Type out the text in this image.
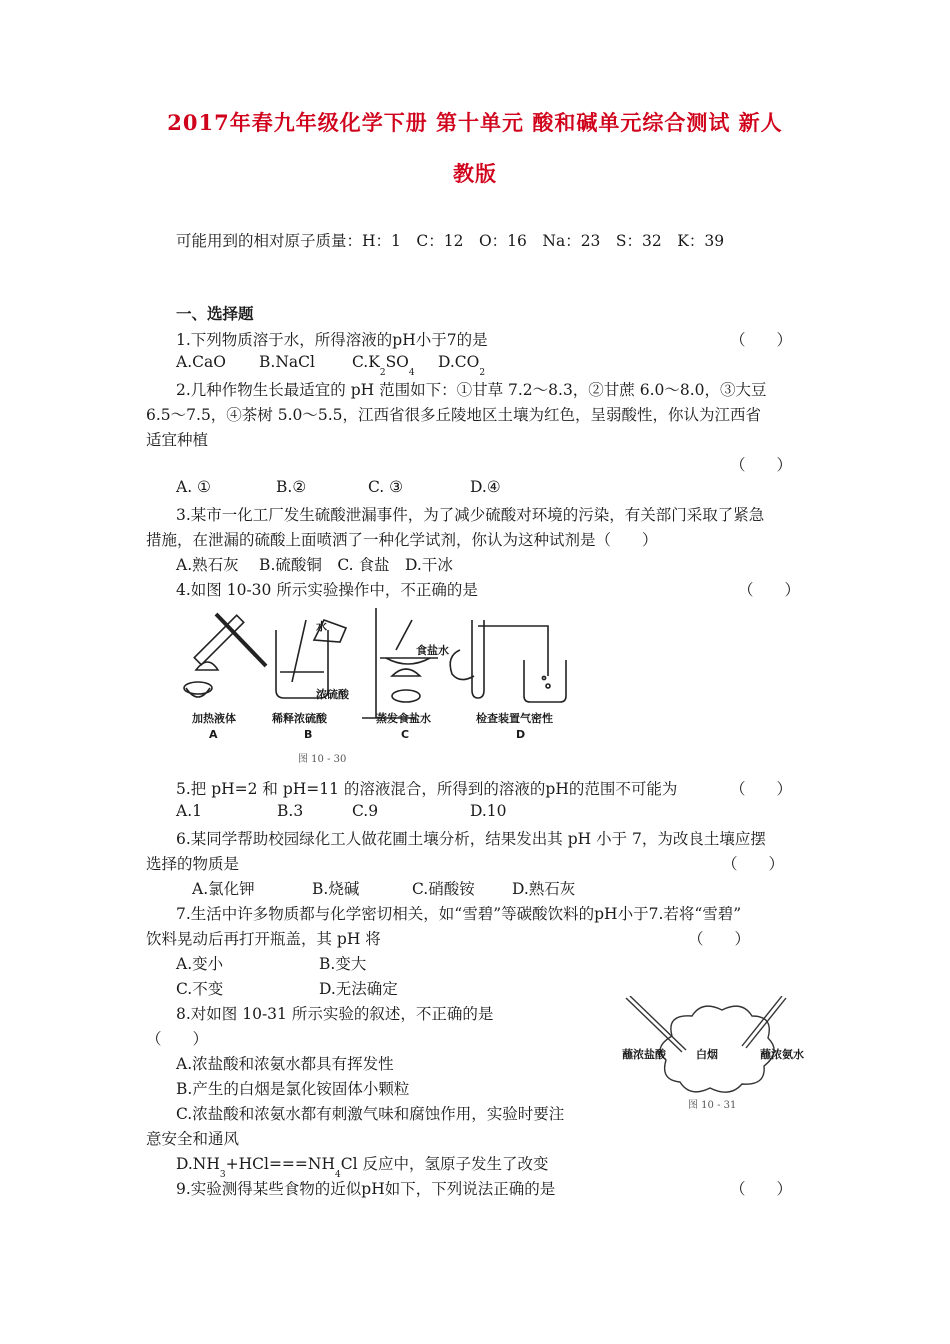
2017年春九年级化学下册 第十单元 酸和碱单元综合测试 新人
教版
可能用到的相对原子质量：H：1　C：12　O：16　Na：23　S：32　K：39
一、选择题
1.下列物质溶于水，所得溶液的pH小于7的是	（　　）
A.CaO B.NaCl $C.K_2SO_4D.CO_2$
2.几种作物生长最适宜的 pH 范围如下：①甘草 7.2～8.3，②甘蔗 6.0～8.0，③大豆
6.5～7.5，④茶树 5.0～5.5，江西省很多丘陵地区土壤为红色，呈弱酸性，你认为江西省
适宜种植
（　　）
A. ①	B.②	C. ③	D.④
3.某市一化工厂发生硫酸泄漏事件，为了减少硫酸对环境的污染，有关部门采取了紧急
措施，在泄漏的硫酸上面喷洒了一种化学试剂，你认为这种试剂是（　　）
A.熟石灰　 B.硫酸铜　C. 食盐　D.干冰
4.如图 10-30 所示实验操作中，不正确的是	（　　）
水
浓硫酸
食盐水
加热液体	稀释浓硫酸	蒸发食盐水	检查装置气密性
A	B	C	D
图 10 - 30
5.把 pH=2 和 pH=11 的溶液混合，所得到的溶液的pH的范围不可能为	（　　）
A.1	B.3	C.9	D.10
6.某同学帮助校园绿化工人做花圃土壤分析，结果发出其 pH 小于 7，为改良土壤应摆
选择的物质是	（　　）
A.氯化钾	B.烧碱	C.硝酸铵 D.熟石灰
7.生活中许多物质都与化学密切相关，如“雪碧”等碳酸饮料的pH小于7.若将“雪碧”
饮料晃动后再打开瓶盖，其 pH 将	（　　）
A.变小	B.变大
C.不变	D.无法确定
8.对如图 10-31 所示实验的叙述，不正确的是
（　　）
A.浓盐酸和浓氨水都具有挥发性
B.产生的白烟是氯化铵固体小颗粒
C.浓盐酸和浓氨水都有刺激气味和腐蚀作用，实验时要注
意安全和通风
$D.NH_3+HCl===NH_4Cl$ 反应中，氢原子发生了改变
蘸浓盐酸	白烟	蘸浓氨水
图 10 - 31
9.实验测得某些食物的近似pH如下，下列说法正确的是	（　　）
